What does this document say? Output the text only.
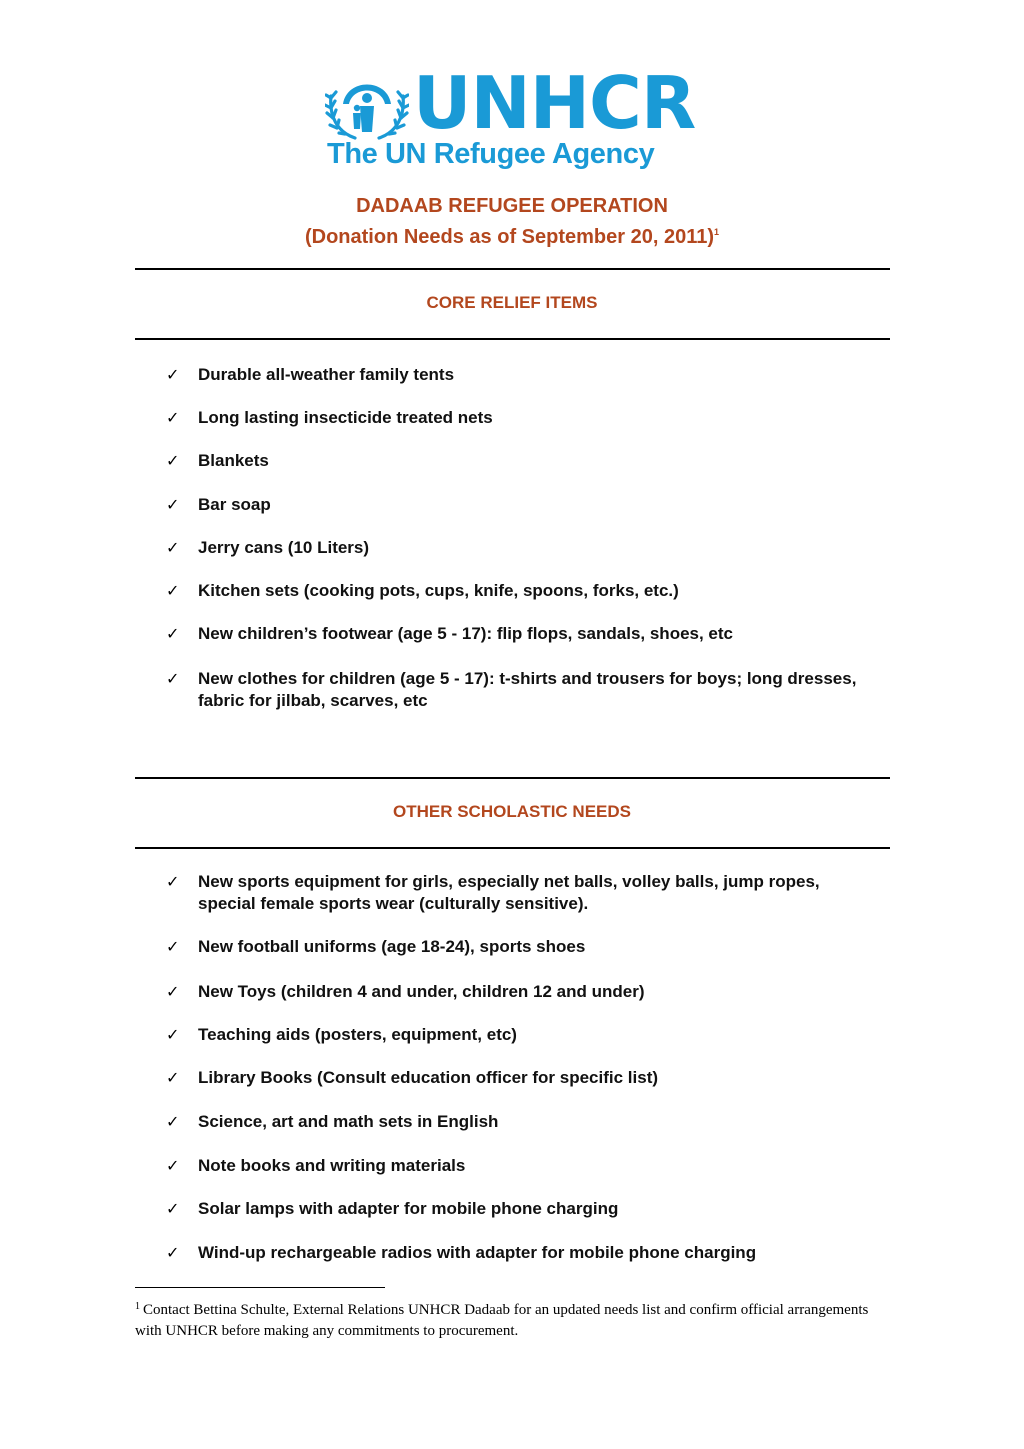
UNHCR
The UN Refugee Agency
DADAAB REFUGEE OPERATION
(Donation Needs as of September 20, 2011)$^1$
CORE RELIEF ITEMS
✓ Durable all-weather family tents
✓ Long lasting insecticide treated nets
✓ Blankets
✓ Bar soap
✓ Jerry cans (10 Liters)
✓ Kitchen sets (cooking pots, cups, knife, spoons, forks, etc.)
✓ New children’s footwear (age 5 - 17): flip flops, sandals, shoes, etc
✓ New clothes for children (age 5 - 17): t-shirts and trousers for boys; long dresses, fabric for jilbab, scarves, etc
OTHER SCHOLASTIC NEEDS
✓ New sports equipment for girls, especially net balls, volley balls, jump ropes, special female sports wear (culturally sensitive).
✓ New football uniforms (age 18-24), sports shoes
✓ New Toys (children 4 and under, children 12 and under)
✓ Teaching aids (posters, equipment, etc)
✓ Library Books (Consult education officer for specific list)
✓ Science, art and math sets in English
✓ Note books and writing materials
✓ Solar lamps with adapter for mobile phone charging
✓ Wind-up rechargeable radios with adapter for mobile phone charging
$^1$ Contact Bettina Schulte, External Relations UNHCR Dadaab for an updated needs list and confirm official arrangements with UNHCR before making any commitments to procurement.
